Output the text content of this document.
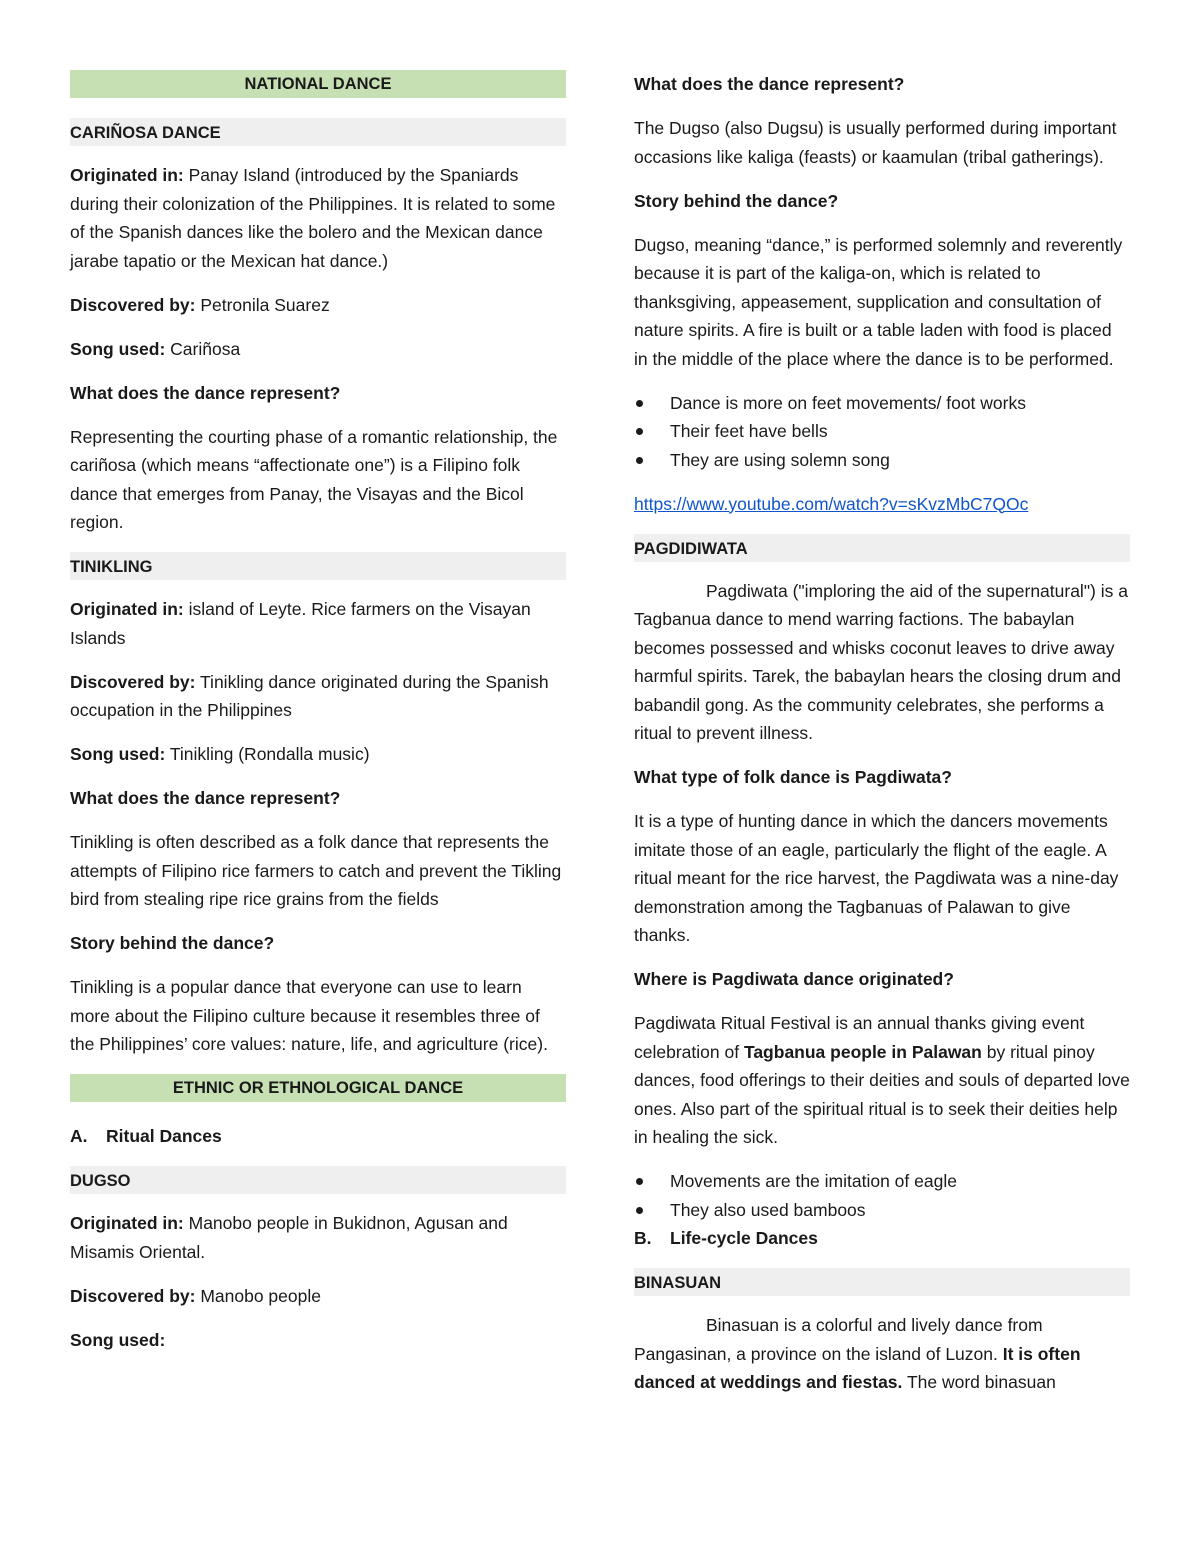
NATIONAL DANCE
CARIÑOSA DANCE

Originated in: Panay Island (introduced by the Spaniards during their colonization of the Philippines. It is related to some of the Spanish dances like the bolero and the Mexican dance jarabe tapatio or the Mexican hat dance.)

Discovered by: Petronila Suarez

Song used: Cariñosa

What does the dance represent?

Representing the courting phase of a romantic relationship, the cariñosa (which means “affectionate one”) is a Filipino folk dance that emerges from Panay, the Visayas and the Bicol region.

TINIKLING

Originated in: island of Leyte. Rice farmers on the Visayan Islands

Discovered by: Tinikling dance originated during the Spanish occupation in the Philippines

Song used: Tinikling (Rondalla music)

What does the dance represent?

Tinikling is often described as a folk dance that represents the attempts of Filipino rice farmers to catch and prevent the Tikling bird from stealing ripe rice grains from the fields

Story behind the dance?

Tinikling is a popular dance that everyone can use to learn more about the Filipino culture because it resembles three of the Philippines’ core values: nature, life, and agriculture (rice).

ETHNIC OR ETHNOLOGICAL DANCE
A. Ritual Dances
DUGSO

Originated in: Manobo people in Bukidnon, Agusan and Misamis Oriental.

Discovered by: Manobo people

Song used:

What does the dance represent?

The Dugso (also Dugsu) is usually performed during important occasions like kaliga (feasts) or kaamulan (tribal gatherings).

Story behind the dance?

Dugso, meaning “dance,” is performed solemnly and reverently because it is part of the kaliga-on, which is related to thanksgiving, appeasement, supplication and consultation of nature spirits. A fire is built or a table laden with food is placed in the middle of the place where the dance is to be performed.

Dance is more on feet movements/ foot works
Their feet have bells
They are using solemn song

https://www.youtube.com/watch?v=sKvzMbC7QOc

PAGDIDIWATA

Pagdiwata ("imploring the aid of the supernatural") is a Tagbanua dance to mend warring factions. The babaylan becomes possessed and whisks coconut leaves to drive away harmful spirits. Tarek, the babaylan hears the closing drum and babandil gong. As the community celebrates, she performs a ritual to prevent illness.

What type of folk dance is Pagdiwata?

It is a type of hunting dance in which the dancers movements imitate those of an eagle, particularly the flight of the eagle. A ritual meant for the rice harvest, the Pagdiwata was a nine-day demonstration among the Tagbanuas of Palawan to give thanks.

Where is Pagdiwata dance originated?

Pagdiwata Ritual Festival is an annual thanks giving event celebration of Tagbanua people in Palawan by ritual pinoy dances, food offerings to their deities and souls of departed love ones. Also part of the spiritual ritual is to seek their deities help in healing the sick.

Movements are the imitation of eagle
They also used bamboos
B. Life-cycle Dances
BINASUAN

Binasuan is a colorful and lively dance from Pangasinan, a province on the island of Luzon. It is often danced at weddings and fiestas. The word binasuan
